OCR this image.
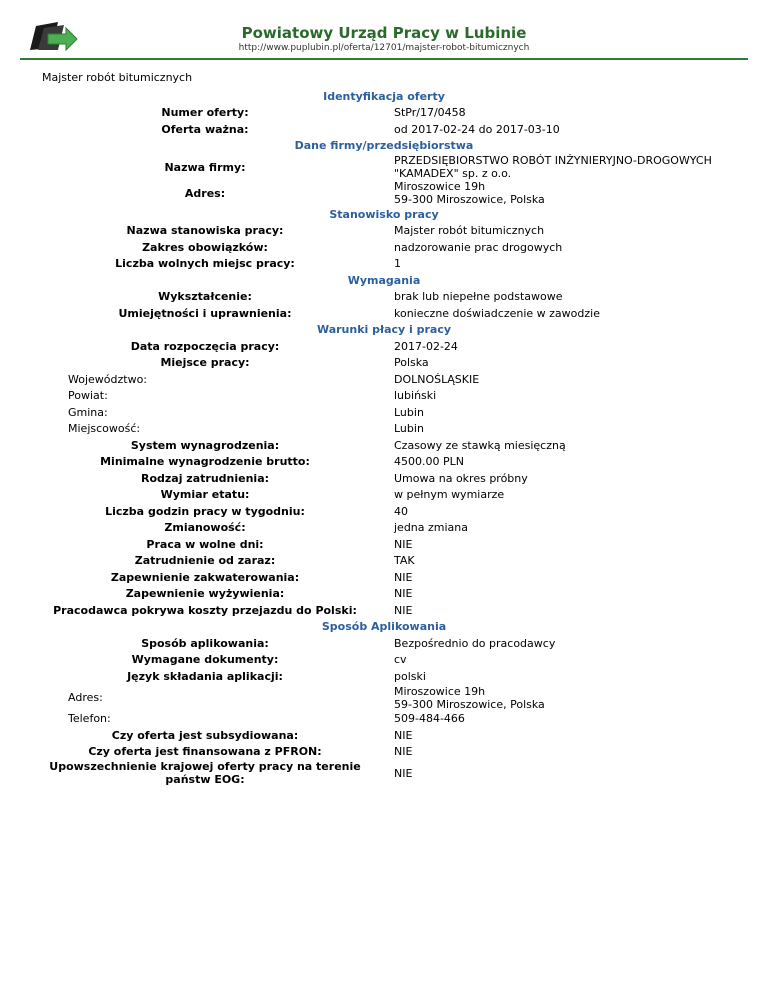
Powiatowy Urząd Pracy w Lubinie
http://www.puplubin.pl/oferta/12701/majster-robot-bitumicznych
Majster robót bitumicznych
Identyfikacja oferty	
Numer oferty:	StPr/17/0458
Oferta ważna:	od 2017-02-24 do 2017-03-10
Dane firmy/przedsiębiorstwa	
Nazwa firmy:	PRZEDSIĘBIORSTWO ROBÓT INŻYNIERYJNO-DROGOWYCH "KAMADEX" sp. z o.o.
Adres:	Miroszowice 19h
59-300 Miroszowice, Polska
Stanowisko pracy	
Nazwa stanowiska pracy:	Majster robót bitumicznych
Zakres obowiązków:	nadzorowanie prac drogowych
Liczba wolnych miejsc pracy:	1
Wymagania	
Wykształcenie:	brak lub niepełne podstawowe
Umiejętności i uprawnienia:	konieczne doświadczenie w zawodzie
Warunki płacy i pracy	
Data rozpoczęcia pracy:	2017-02-24
Miejsce pracy:	Polska
Województwo:	DOLNOŚLĄSKIE
Powiat:	lubiński
Gmina:	Lubin
Miejscowość:	Lubin
System wynagrodzenia:	Czasowy ze stawką miesięczną
Minimalne wynagrodzenie brutto:	4500.00 PLN
Rodzaj zatrudnienia:	Umowa na okres próbny
Wymiar etatu:	w pełnym wymiarze
Liczba godzin pracy w tygodniu:	40
Zmianowość:	jedna zmiana
Praca w wolne dni:	NIE
Zatrudnienie od zaraz:	TAK
Zapewnienie zakwaterowania:	NIE
Zapewnienie wyżywienia:	NIE
Pracodawca pokrywa koszty przejazdu do Polski:	NIE
Sposób Aplikowania	
Sposób aplikowania:	Bezpośrednio do pracodawcy
Wymagane dokumenty:	cv
Język składania aplikacji:	polski
Adres:	Miroszowice 19h
59-300 Miroszowice, Polska
Telefon:	509-484-466
Czy oferta jest subsydiowana:	NIE
Czy oferta jest finansowana z PFRON:	NIE
Upowszechnienie krajowej oferty pracy na terenie państw EOG:	NIE
